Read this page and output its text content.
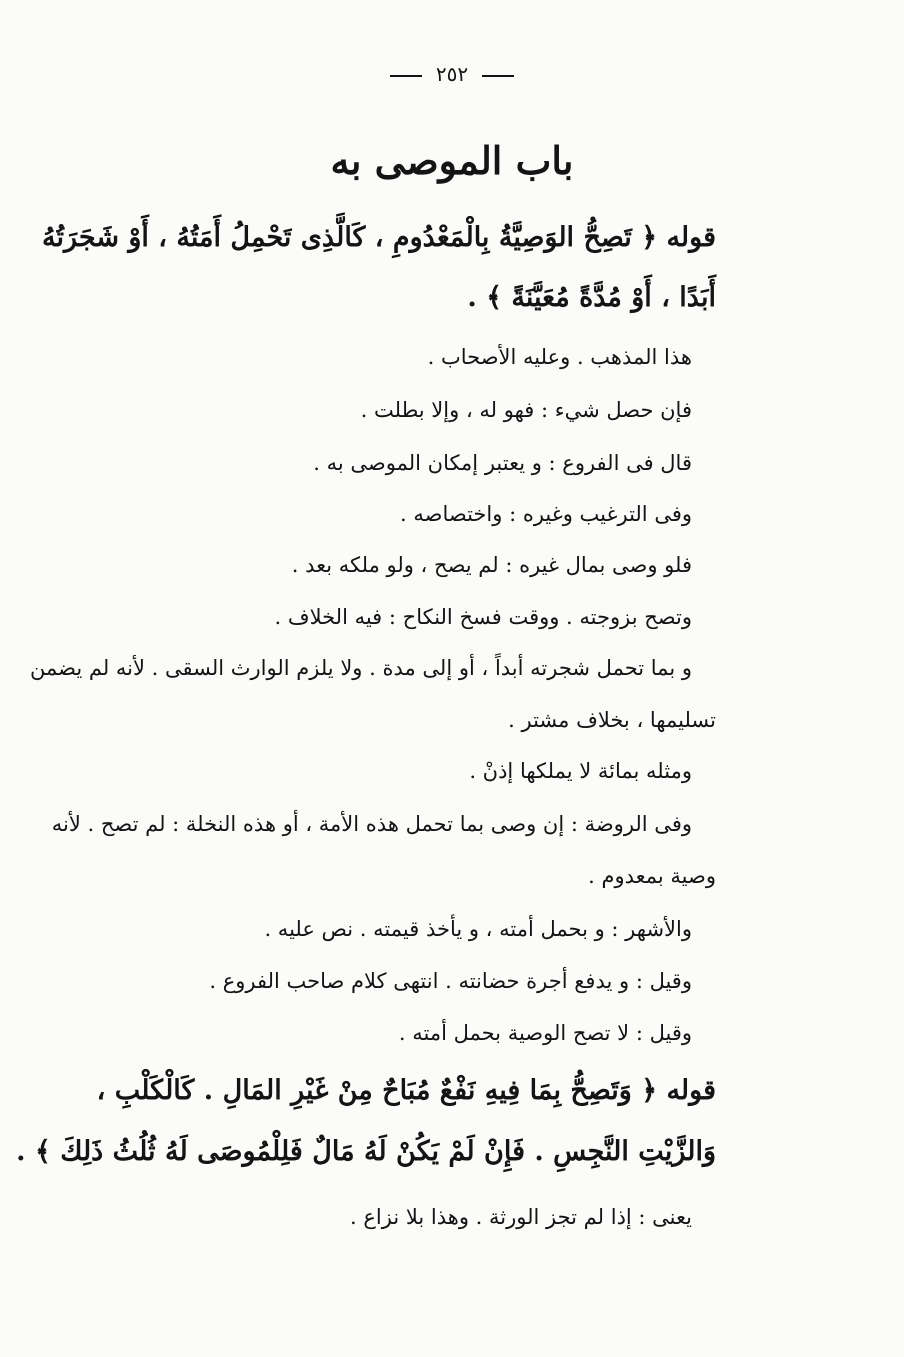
٢٥٢
باب الموصى به
قوله ﴿ تَصِحُّ الوَصِيَّةُ بِالْمَعْدُومِ ، كَالَّذِى تَحْمِلُ أَمَتُهُ ، أَوْ شَجَرَتُهُ
أَبَدًا ، أَوْ مُدَّةً مُعَيَّنَةً ﴾ .
هذا المذهب . وعليه الأصحاب .
فإن حصل شيء : فهو له ، وإلا بطلت .
قال فى الفروع : و يعتبر إمكان الموصى به .
وفى الترغيب وغيره : واختصاصه .
فلو وصى بمال غيره : لم يصح ، ولو ملكه بعد .
وتصح بزوجته . ووقت فسخ النكاح : فيه الخلاف .
و بما تحمل شجرته أبداً ، أو إلى مدة . ولا يلزم الوارث السقى . لأنه لم يضمن
تسليمها ، بخلاف مشتر .
ومثله بمائة لا يملكها إذنْ .
وفى الروضة : إن وصى بما تحمل هذه الأمة ، أو هذه النخلة : لم تصح . لأنه
وصية بمعدوم .
والأشهر : و بحمل أمته ، و يأخذ قيمته . نص عليه .
وقيل : و يدفع أجرة حضانته . انتهى كلام صاحب الفروع .
وقيل : لا تصح الوصية بحمل أمته .
قوله ﴿ وَتَصِحُّ بِمَا فِيهِ نَفْعٌ مُبَاحٌ مِنْ غَيْرِ المَالِ . كَالْكَلْبِ ،
وَالزَّيْتِ النَّجِسِ . فَإِنْ لَمْ يَكُنْ لَهُ مَالٌ فَلِلْمُوصَى لَهُ ثُلُثُ ذَلِكَ ﴾ .
يعنى : إذا لم تجز الورثة . وهذا بلا نزاع .
